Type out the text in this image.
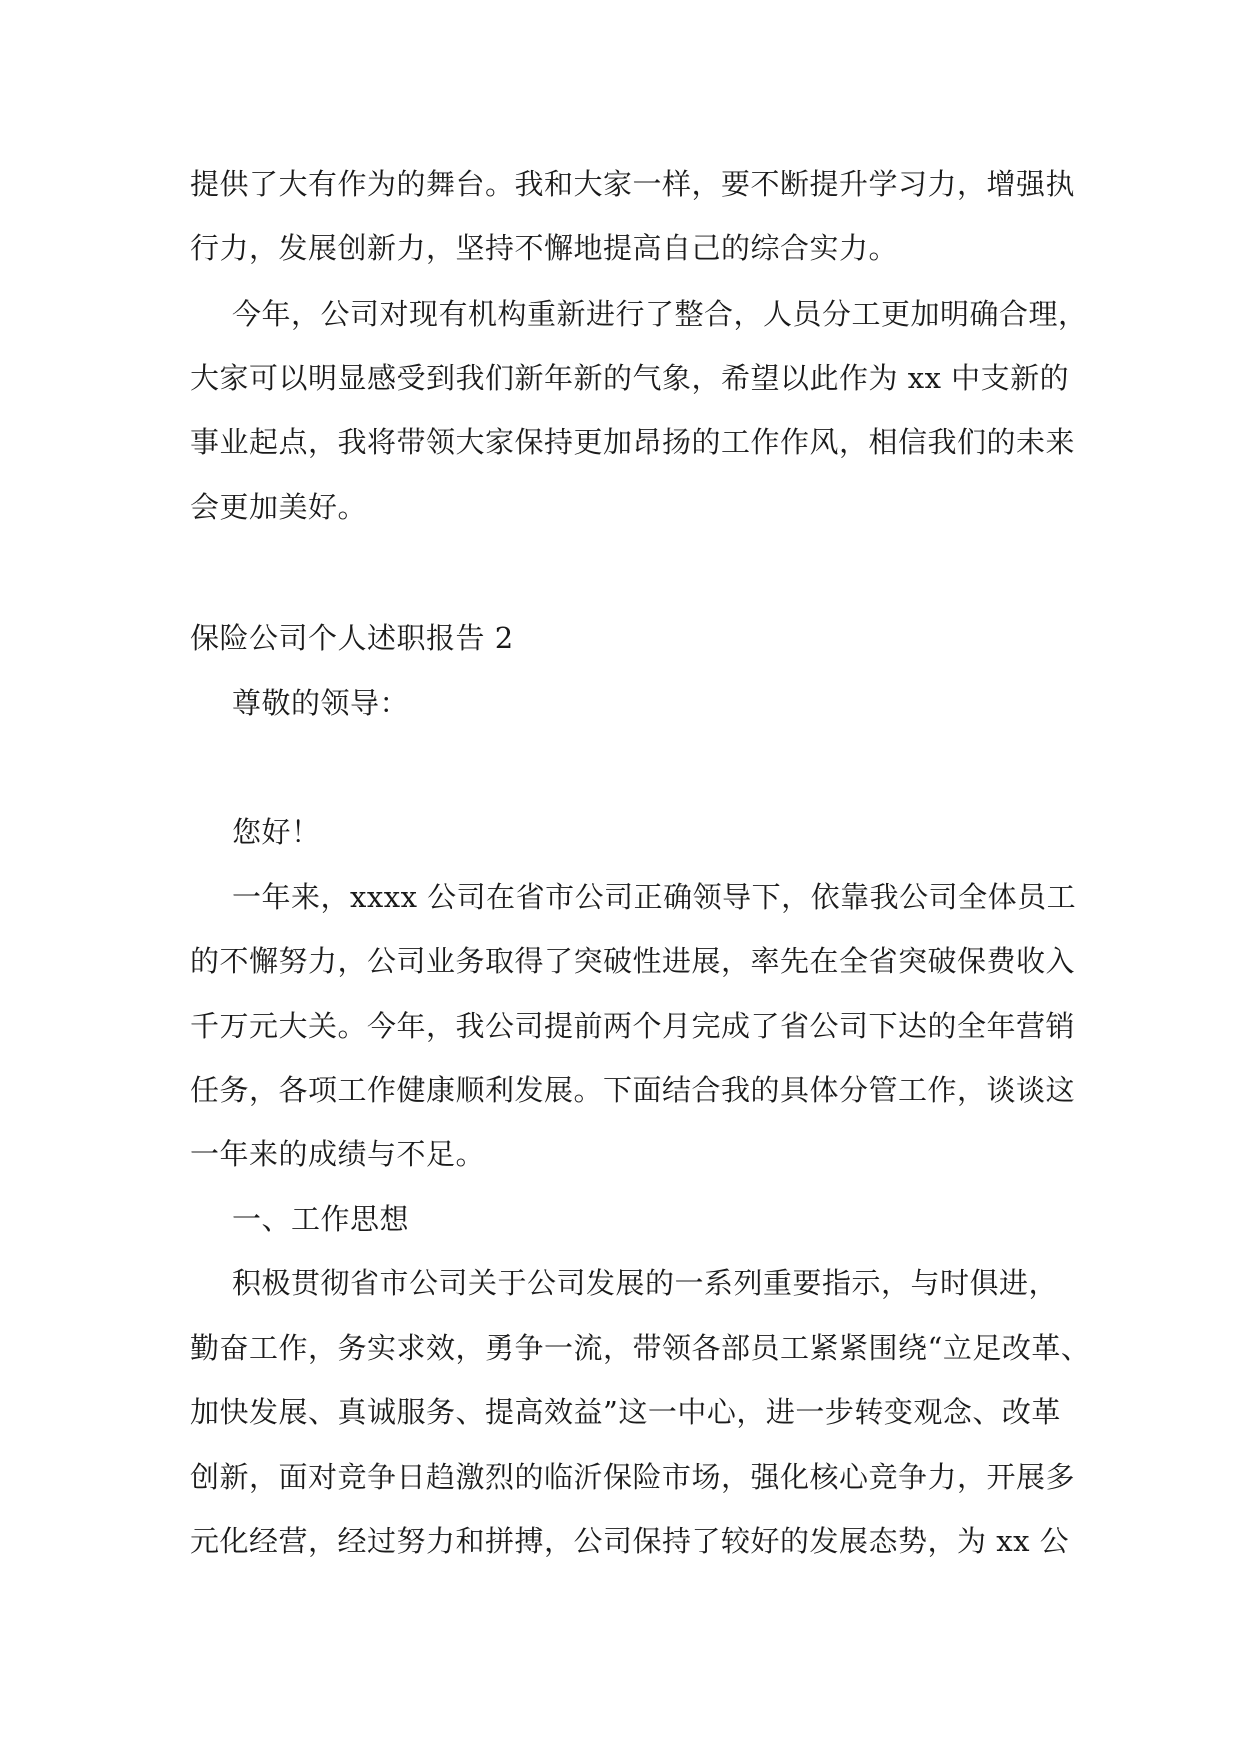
提供了大有作为的舞台。我和大家一样，要不断提升学习力，增强执
行力，发展创新力，坚持不懈地提高自己的综合实力。
今年，公司对现有机构重新进行了整合，人员分工更加明确合理，
大家可以明显感受到我们新年新的气象，希望以此作为 xx 中支新的
事业起点，我将带领大家保持更加昂扬的工作作风，相信我们的未来
会更加美好。
保险公司个人述职报告 2
尊敬的领导：
您好！
一年来，xxxx 公司在省市公司正确领导下，依靠我公司全体员工
的不懈努力，公司业务取得了突破性进展，率先在全省突破保费收入
千万元大关。今年，我公司提前两个月完成了省公司下达的全年营销
任务，各项工作健康顺利发展。下面结合我的具体分管工作，谈谈这
一年来的成绩与不足。
一、工作思想
积极贯彻省市公司关于公司发展的一系列重要指示，与时俱进，
勤奋工作，务实求效，勇争一流，带领各部员工紧紧围绕“立足改革、
加快发展、真诚服务、提高效益”这一中心，进一步转变观念、改革
创新，面对竞争日趋激烈的临沂保险市场，强化核心竞争力，开展多
元化经营，经过努力和拼搏，公司保持了较好的发展态势，为 xx 公
